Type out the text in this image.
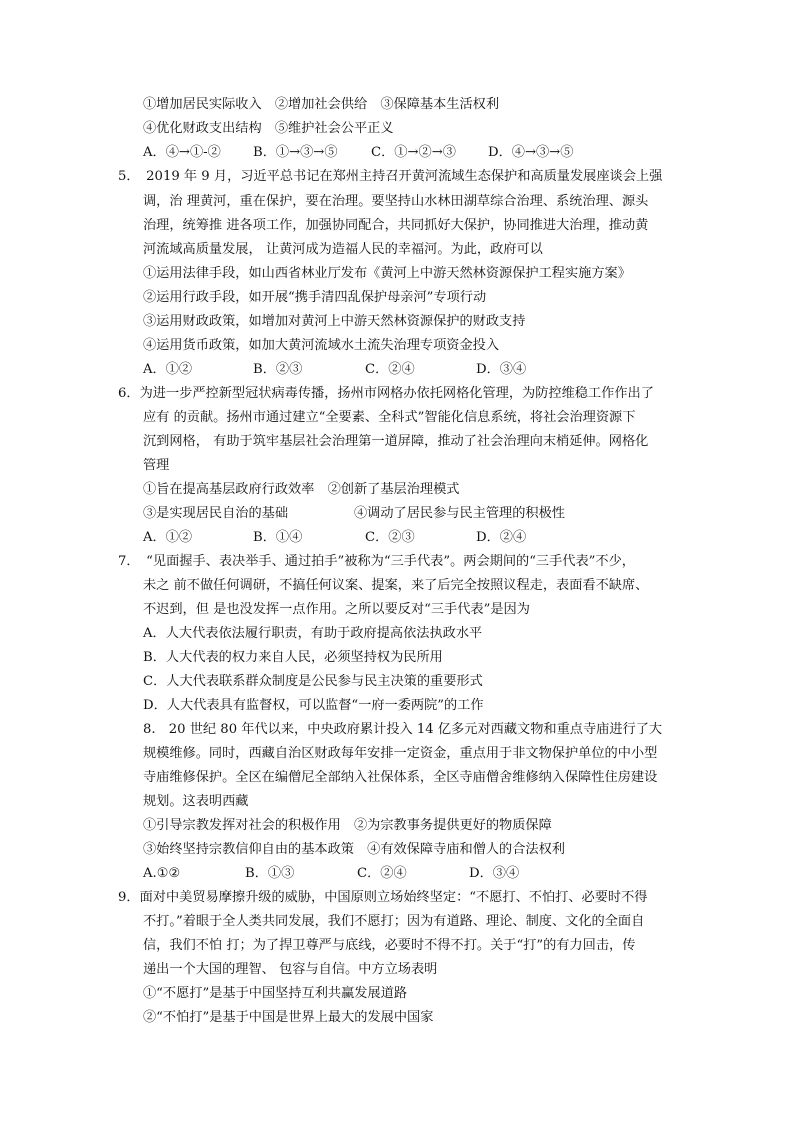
①增加居民实际收入　②增加社会供给　③保障基本生活权利
④优化财政支出结构　⑤维护社会公平正义
A．④→①-② B．①→③→⑤	C．①→②→③ D．④→③→⑤
5．　2019 年 9 月，习近平总书记在郑州主持召开黄河流域生态保护和高质量发展座谈会上强
调，治 理黄河，重在保护，要在治理。要坚持山水林田湖草综合治理、系统治理、源头
治理，统筹推 进各项工作，加强协同配合，共同抓好大保护，协同推进大治理，推动黄
河流域高质量发展， 让黄河成为造福人民的幸福河。为此，政府可以
①运用法律手段，如山西省林业厅发布《黄河上中游天然林资源保护工程实施方案》
②运用行政手段，如开展“携手清四乱保护母亲河”专项行动
③运用财政政策，如增加对黄河上中游天然林资源保护的财政支持
④运用货币政策，如加大黄河流域水土流失治理专项资金投入
A．①②	B．②③	C．②④	D．③④
6．为进一步严控新型冠状病毒传播，扬州市网格办依托网格化管理，为防控维稳工作作出了
应有 的贡献。扬州市通过建立“全要素、全科式”智能化信息系统，将社会治理资源下
沉到网格， 有助于筑牢基层社会治理第一道屏障，推动了社会治理向末梢延伸。网格化
管理
①旨在提高基层政府行政效率　②创新了基层治理模式
③是实现居民自治的基础　　　　　④调动了居民参与民主管理的积极性
A．①②	B．①④	C．②③	D．②④
7．　“见面握手、表决举手、通过拍手”被称为“三手代表”。两会期间的“三手代表”不少，
未之 前不做任何调研，不搞任何议案、提案，来了后完全按照议程走，表面看不缺席、
不迟到，但 是也没发挥一点作用。之所以要反对“三手代表”是因为
A．人大代表依法履行职责，有助于政府提高依法执政水平
B．人大代表的权力来自人民，必须坚持权为民所用
C．人大代表联系群众制度是公民参与民主决策的重要形式
D．人大代表具有监督权，可以监督“一府一委两院”的工作
8.　20 世纪 80 年代以来，中央政府累计投入 14 亿多元对西藏文物和重点寺庙进行了大
规模维修。同时，西藏自治区财政每年安排一定资金，重点用于非文物保护单位的中小型
寺庙维修保护。全区在编僧尼全部纳入社保体系，全区寺庙僧舍维修纳入保障性住房建设
规划。这表明西藏
①引导宗教发挥对社会的积极作用　②为宗教事务提供更好的物质保障
③始终坚持宗教信仰自由的基本政策　④有效保障寺庙和僧人的合法权利
A.①②	B．①③	C．②④	D．③④
9．面对中美贸易摩擦升级的威胁，中国原则立场始终坚定：“不愿打、不怕打、必要时不得
不打。”着眼于全人类共同发展，我们不愿打；因为有道路、理论、制度、文化的全面自
信，我们不怕 打；为了捍卫尊严与底线，必要时不得不打。关于“打”的有力回击，传
递出一个大国的理智、 包容与自信。中方立场表明
①“不愿打”是基于中国坚持互利共赢发展道路
②“不怕打”是基于中国是世界上最大的发展中国家
